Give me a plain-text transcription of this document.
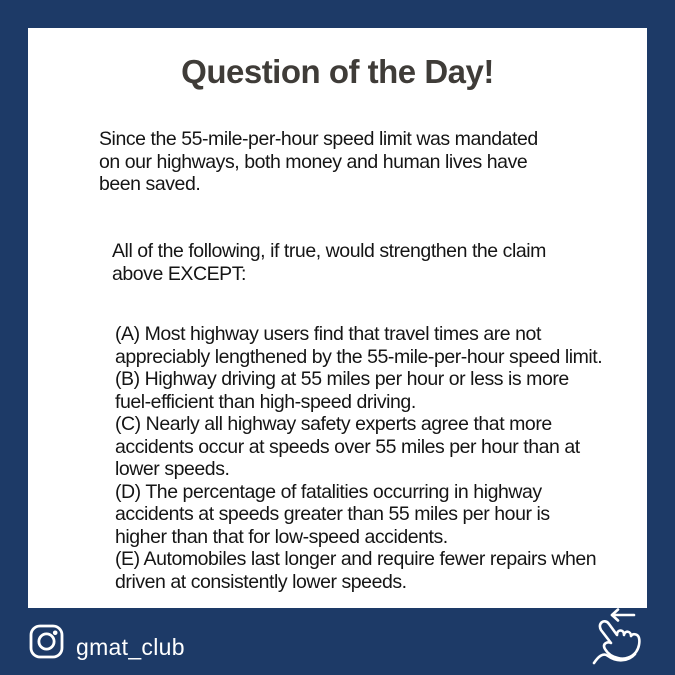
Question of the Day!
Since the 55-mile-per-hour speed limit was mandated
on our highways, both money and human lives have
been saved.
All of the following, if true, would strengthen the claim
above EXCEPT:
(A) Most highway users find that travel times are not
appreciably lengthened by the 55-mile-per-hour speed limit.
(B) Highway driving at 55 miles per hour or less is more
fuel-efficient than high-speed driving.
(C) Nearly all highway safety experts agree that more
accidents occur at speeds over 55 miles per hour than at
lower speeds.
(D) The percentage of fatalities occurring in highway
accidents at speeds greater than 55 miles per hour is
higher than that for low-speed accidents.
(E) Automobiles last longer and require fewer repairs when
driven at consistently lower speeds.
gmat_club
